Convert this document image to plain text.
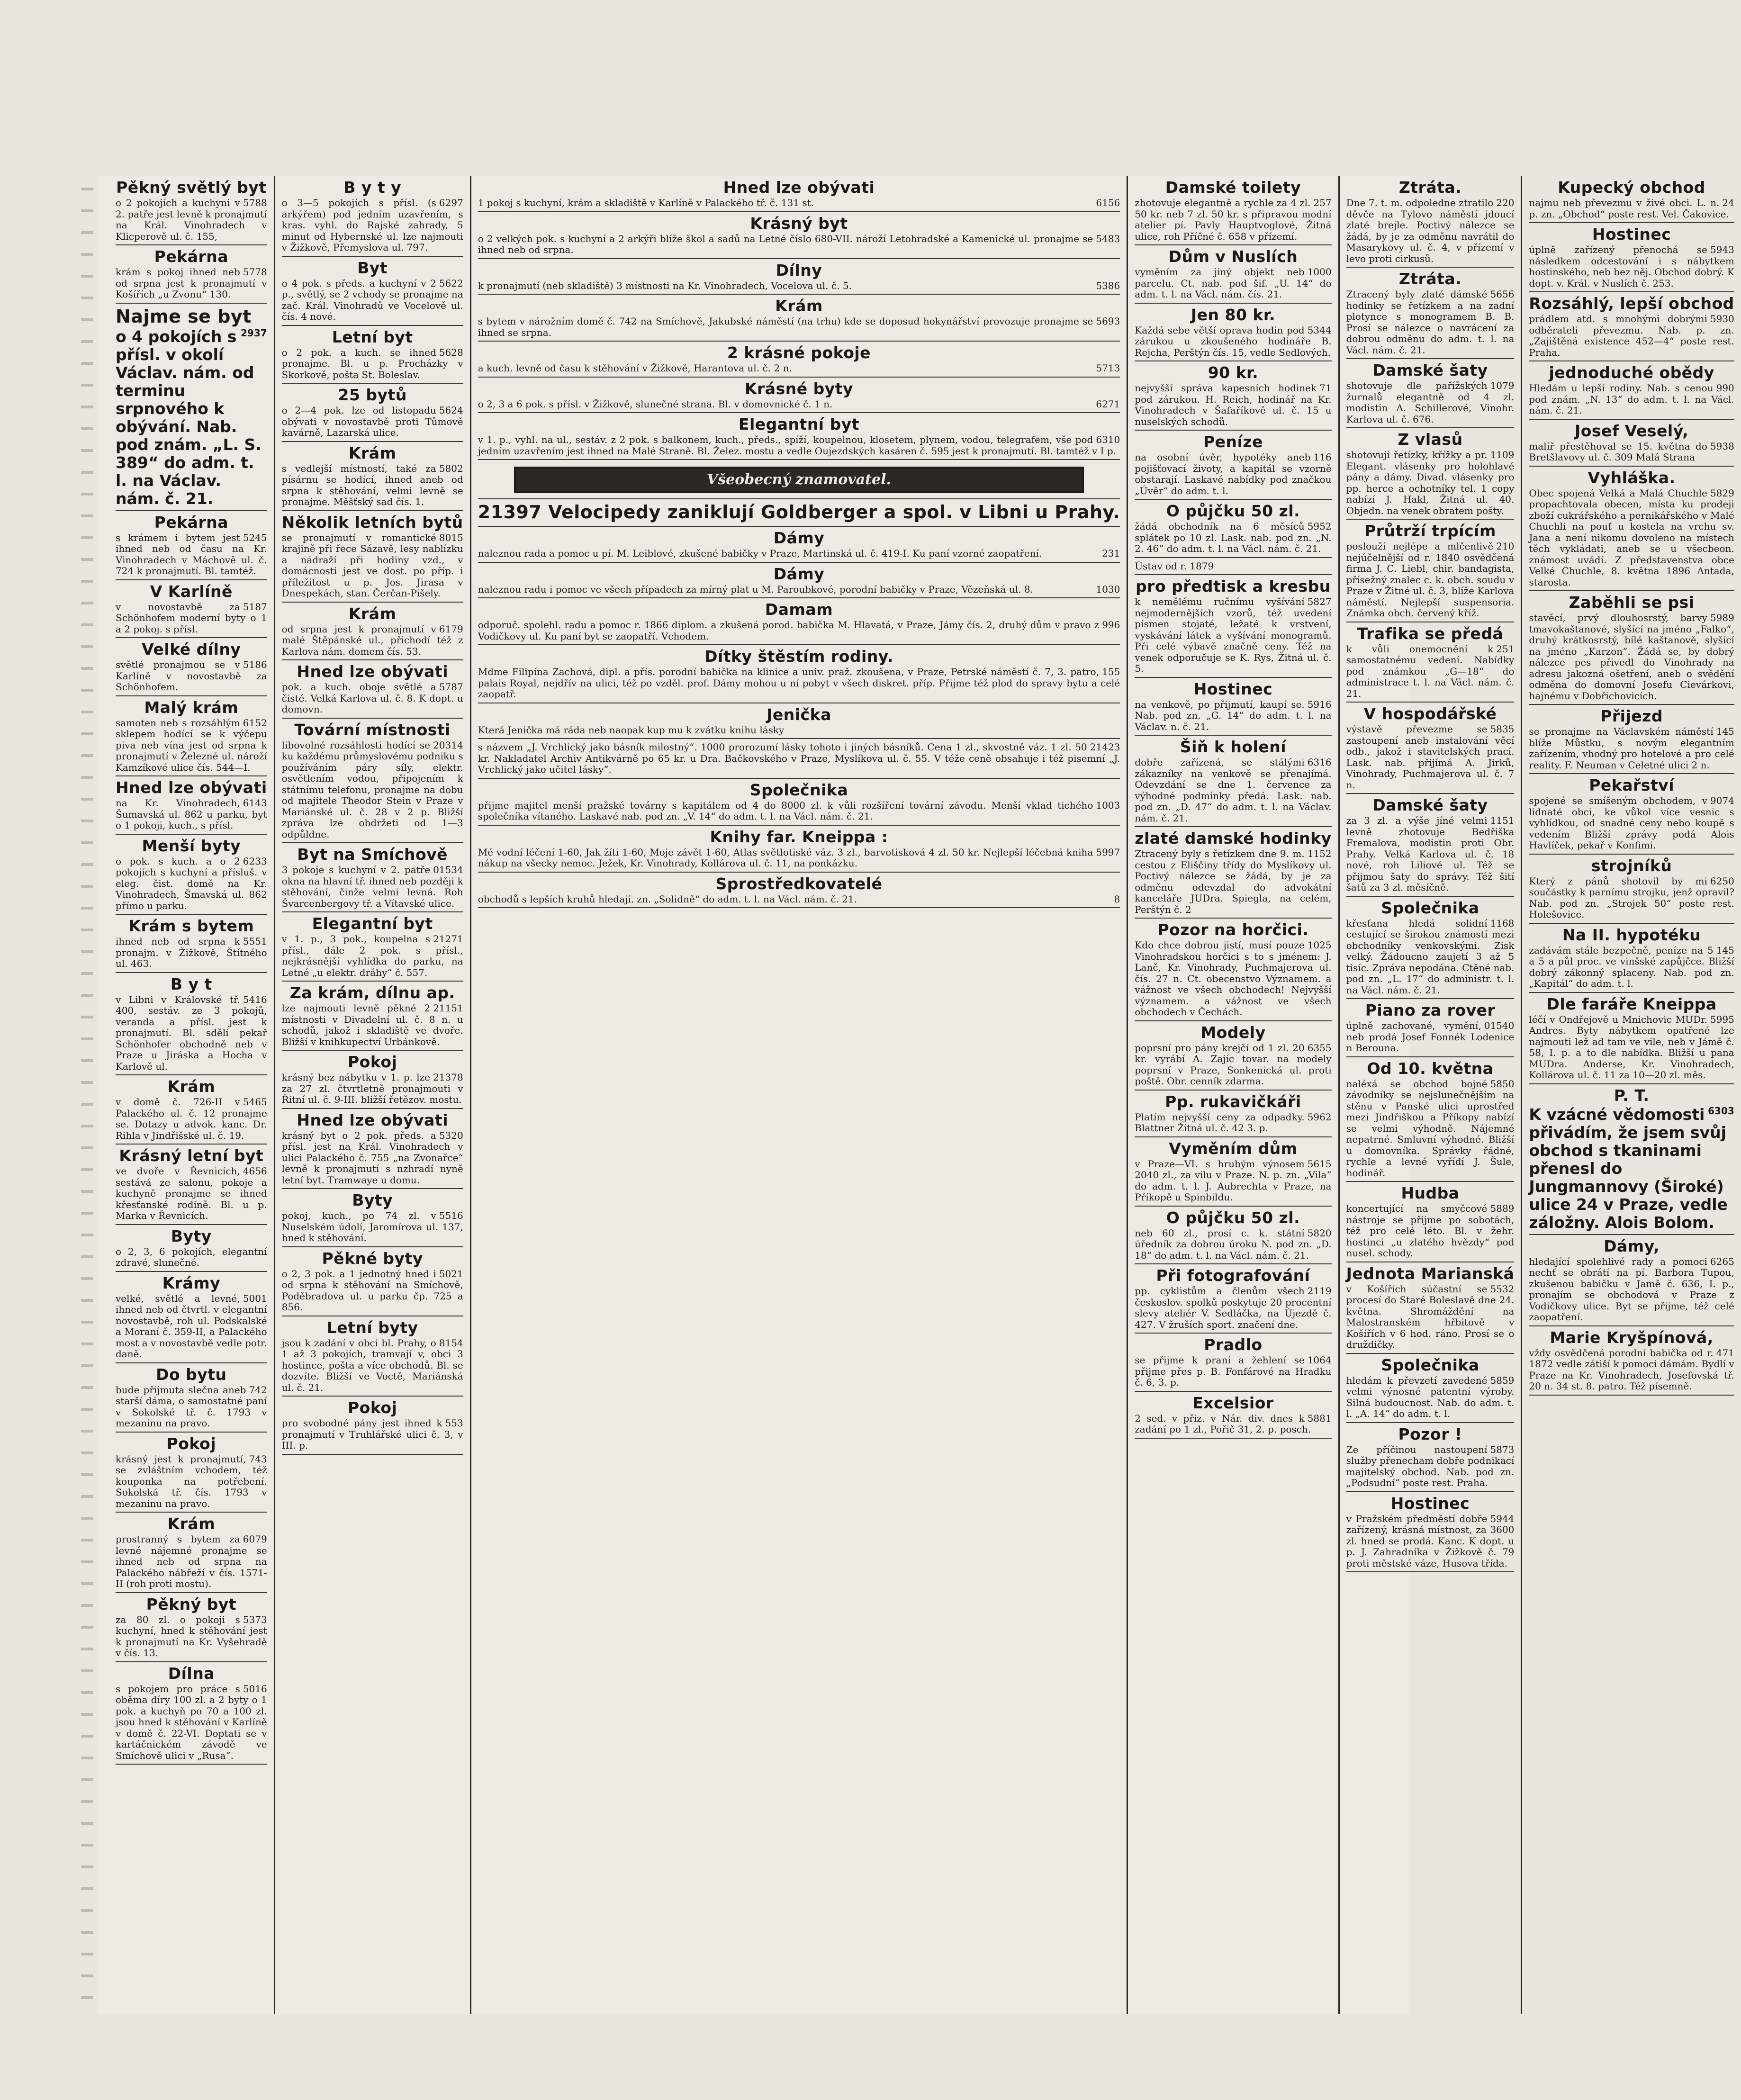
Pěkný světlý byt

5788
o 2 pokojích a kuchyni v 2. patře jest levně k pronajmutí na Král. Vinohradech v Klicperově ul. č. 155,

Pekárna

5778
krám s pokoj ihned neb od srpna jest k pronajmutí v Košířích „u Zvonu“ 130.

Najme se byt

2937
o 4 pokojích s přísl. v okolí Václav. nám. od terminu srpnového k obývání. Nab. pod znám. „L. S. 389“ do adm. t. l. na Václav. nám. č. 21.

Pekárna

5245
s krámem i bytem jest ihned neb od času na Kr. Vinohradech v Máchově ul. č. 724 k pronajmutí. Bl. tamtéž.

V Karlíně

5187
v novostavbě za Schönhofem moderní byty o 1 a 2 pokoj. s přísl.

Velké dílny

5186
světlé pronajmou se v Karlíně v novostavbě za Schönhofem.

Malý krám

6152
samoten neb s rozsáhlým sklepem hodící se k výčepu piva neb vína jest od srpna k pronajmutí v Železné ul. nároží Kamzíkové ulice čís. 544—I.

Hned lze obývati

6143
na Kr. Vinohradech, Šumavská ul. 862 u parku, byt o 1 pokoji, kuch., s přísl.

Menší byty

6233
o pok. s kuch. a o 2 pokojích s kuchyní a přísluš. v eleg. čist. domě na Kr. Vinohradech, Šmavská ul. 862 přímo u parku.

Krám s bytem

5551
ihned neb od srpna k pronajm. v Žižkově, Štítného ul. 463.

B y t

5416
v Libni v Královské tř. 400, sestáv. ze 3 pokojů, veranda a přísl. jest k pronajmutí. Bl. sdělí pekař Schönhofer obchodně neb v Praze u Jiráska a Hocha v Karlově ul.

Krám

5465
v domě č. 726-II v Palackého ul. č. 12 pronajme se. Dotazy u advok. kanc. Dr. Rihla v Jindřišské ul. č. 19.

Krásný letní byt

4656
ve dvoře v Řevnicích, sestává ze salonu, pokoje a kuchyně pronajme se ihned křesťanské rodině. Bl. u p. Marka v Řevnicích.

Byty

o 2, 3, 6 pokojích, elegantní zdravé, slunečné.

Krámy

5001
velké, světlé a levné, ihned neb od čtvrtl. v elegantní novostavbě, roh ul. Podskalské a Moraní č. 359-II, a Palackého most a v novostavbě vedle potr. daně.

Do bytu

742
bude přijmuta slečna aneb starší dáma, o samostatné paní v Sokolské tř. č. 1793 v mezaninu na pravo.

Pokoj

743
krásný jest k pronajmutí, se zvláštním vchodem, též kouponka na potřebení. Sokolská tř. čís. 1793 v mezaninu na pravo.

Krám

6079
prostranný s bytem za levné nájemné pronajme se ihned neb od srpna na Palackého nábřeží v čís. 1571-II (roh proti mostu).

Pěkný byt

5373
za 80 zl. o pokoji s kuchyní, hned k stěhování jest k pronajmutí na Kr. Vyšehradě v čís. 13.

Dílna

5016
s pokojem pro práce s oběma díry 100 zl. a 2 byty o 1 pok. a kuchyň po 70 a 100 zl. jsou hned k stěhování v Karlíně v domě č. 22-VI. Doptati se v kartáčnickém závodě ve Smíchově ulici v „Rusa“.

B y t y

6297
o 3—5 pokojích s přísl. (s arkýřem) pod jedním uzavřením, s kras. vyhl. do Rajské zahrady, 5 minut od Hybernské ul. lze najmouti v Žižkově, Přemyslova ul. 797.

Byt

5622
o 4 pok. s předs. a kuchyní v 2 p., světlý, se 2 vchody se pronajme na zač. Král. Vinohradů ve Vocelově ul. čís. 4 nové.

Letní byt

5628
o 2 pok. a kuch. se ihned pronajme. Bl. u p. Procházky v Skorkově, pošta St. Boleslav.

25 bytů

5624
o 2—4 pok. lze od listopadu obývati v novostavbě proti Tůmově kavárně, Lazarská ulice.

Krám

5802
s vedlejší místností, také za písárnu se hodící, ihned aneb od srpna k stěhování, velmi levně se pronajme. Měšťský sad čís. 1.

Několik letních bytů

8015
se pronajmutí v romantické krajině při řece Sázavě, lesy nablízku a nádraží při hodiny vzd., v domácnosti jest ve dost. po příp. i příležitost u p. Jos. Jirasa v Dnespekách, stan. Čerčan-Pišely.

Krám

6179
od srpna jest k pronajmutí v malé Štěpánské ul., přichodí též z Karlova nám. domem čís. 53.

Hned lze obývati

5787
pok. a kuch. oboje světlé a čisté. Velká Karlova ul. č. 8. K dopt. u domovn.

Tovární místnosti

20314
libovolné rozsáhlosti hodící se ku každému průmyslovému podniku s používáním páry síly, elektr. osvětlením vodou, připojením k státnímu telefonu, pronajme na dobu od majitele Theodor Stein v Praze v Mariánské ul. č. 28 v 2 p. Bližší zpráva lze obdržeti od 1—3 odpůldne.

Byt na Smíchově

01534
3 pokoje s kuchyní v 2. patře okna na hlavní tř. ihned neb později k stěhování, činže velmi levná. Roh Švarcenbergovy tř. a Vítavské ulice.

Elegantní byt

21271
v 1. p., 3 pok., koupelna s přísl., dále 2 pok. s přísl., nejkrásnější vyhlídka do parku, na Letné „u elektr. dráhy“ č. 557.

Za krám, dílnu ap.

21151
lze najmouti levně pěkné 2 místnosti v Divadelní ul. č. 8 n. u schodů, jakož i skladiště ve dvoře. Bližší v knihkupectví Urbánkově.

Pokoj

21378
krásný bez nábytku v 1. p. lze za 27 zl. čtvrtletně pronajmouti v Řitní ul. č. 9-III. bližší řetězov. mostu.

Hned lze obývati

5320
krásný byt o 2 pok. předs. a přísl. jest na Král. Vinohradech v ulici Palackého č. 755 „na Zvonařce“ levně k pronajmutí s nzhradí nyně letní byt. Tramwaye u domu.

Byty

5516
pokoj, kuch., po 74 zl. v Nuselském údolí, Jaromírova ul. 137, hned k stěhování.

Pěkné byty

5021
o 2, 3 pok. a 1 jednotný hned i od srpna k stěhování na Smíchově, Poděbradova ul. u parku čp. 725 a 856.

Letní byty

8154
jsou k zadání v obci bl. Prahy, o 1 až 3 pokojích, tramvají v, obci 3 hostince, pošta a více obchodů. Bl. se dozvíte. Bližší ve Voctě, Mariánská ul. č. 21.

Pokoj

553
pro svobodné pány jest ihned k pronajmutí v Truhlářské ulici č. 3, v III. p.

Hned lze obývati

6156
1 pokoj s kuchyní, krám a skladiště v Karlíně v Palackého tř. č. 131 st.

Krásný byt

5483
o 2 velkých pok. s kuchyní a 2 arkýři blíže škol a sadů na Letné číslo 680-VII. nároží Letohradské a Kamenické ul. pronajme se ihned neb od srpna.

Dílny

5386
k pronajmutí (neb skladiště) 3 místnosti na Kr. Vinohradech, Vocelova ul. č. 5.

Krám

5693
s bytem v nárožním domě č. 742 na Smíchově, Jakubské náměstí (na trhu) kde se doposud hokynářství provozuje pronajme se ihned se srpna.

2 krásné pokoje

5713
a kuch. levně od času k stěhování v Žižkově, Harantova ul. č. 2 n.

Krásné byty

6271
o 2, 3 a 6 pok. s přísl. v Žižkově, slunečné strana. Bl. v domovnické č. 1 n.

Elegantní byt

6310
v 1. p., vyhl. na ul., sestáv. z 2 pok. s balkonem, kuch., předs., spíží, koupelnou, klosetem, plynem, vodou, telegrafem, vše pod jedním uzavřením jest ihned na Malé Straně. Bl. Želez. mostu a vedle Oujezdských kasáren č. 595 jest k pronajmutí. Bl. tamtéž v I p.

Všeobecný znamovatel.
21397 Velocipedy zaniklují Goldberger a spol. v Libni u Prahy.
Dámy

231
naleznou rada a pomoc u pí. M. Leiblové, zkušené babičky v Praze, Martinská ul. č. 419-I. Ku paní vzorné zaopatření.

Dámy

1030
naleznou radu i pomoc ve všech případech za mírný plat u M. Paroubkové, porodní babičky v Praze, Vězeňská ul. 8.

Damam

996
odporuč. spolehl. radu a pomoc r. 1866 diplom. a zkušená porod. babička M. Hlavatá, v Praze, Jámy čís. 2, druhý dům v pravo z Vodičkovy ul. Ku paní byt se zaopatří. Vchodem.

Dítky štěstím rodiny.

155
Mdme Filipína Zachová, dipl. a přís. porodní babička na klinice a univ. praž. zkoušena, v Praze, Petrské náměstí č. 7, 3. patro, palais Royal, nejdřív na ulici, též po vzděl. prof. Dámy mohou u ní pobyt v všech diskret. příp. Přijme též plod do spravy bytu a celé zaopatř.

Jenička

Která Jenička má ráda neb naopak kup mu k zvátku knihu lásky

21423
s názvem „J. Vrchlický jako básník milostný“. 1000 prorozumí lásky tohoto i jiných básníků. Cena 1 zl., skvostně váz. 1 zl. 50 kr. Nakladatel Archiv Antikvárně po 65 kr. u Dra. Bačkovského v Praze, Myslíkova ul. č. 55. V téže ceně obsahuje i též pisemní „J. Vrchlický jako učitel lásky“.

Společnika

1003
přijme majitel menší pražské továrny s kapitálem od 4 do 8000 zl. k vůli rozšíření tovární závodu. Menší vklad tichého společníka vítaného. Laskavé nab. pod zn. „V. 14“ do adm. t. l. na Václ. nám. č. 21.

Knihy far. Kneippa :

5997
Mé vodní léčení 1-60, Jak žíti 1-60, Moje závět 1-60, Atlas světlotiské váz. 3 zl., barvotisková 4 zl. 50 kr. Nejlepší léčebná kniha nákup na všecky nemoc. Ježek, Kr. Vinohrady, Kollárova ul. č. 11, na ponkázku.

Sprostředkovatelé

8
obchodů s lepších kruhů hledají. zn. „Solidně“ do adm. t. l. na Václ. nám. č. 21.

Damské toilety

257
zhotovuje elegantně a rychle za 4 zl. 50 kr. neb 7 zl. 50 kr. s připravou modní atelier pí. Pavly Hauptvoglové, Žitná ulice, roh Příčné č. 658 v přízemí.

Dům v Nuslích

1000
vyměním za jiný objekt neb parcelu. Ct. nab. pod šif. „U. 14“ do adm. t. l. na Václ. nám. čís. 21.

Jen 80 kr.

5344
Každá sebe větší oprava hodin pod zárukou u zkoušeného hodináře B. Rejcha, Perštýn čís. 15, vedle Sedlových.

90 kr.

71
nejvyšší správa kapesních hodinek pod zárukou. H. Reich, hodinář na Kr. Vinohradech v Šafaříkově ul. č. 15 u nuselských schodů.

Peníze

116
na osobní úvěr, hypotéky aneb pojišťovací životy, a kapitál se vzorně obstarají. Laskavé nabídky pod značkou „Úvěr“ do adm. t. l.

O půjčku 50 zl.

5952
žádá obchodník na 6 měsíců splátek po 10 zl. Lask. nab. pod zn. „N. 2. 46“ do adm. t. l. na Václ. nám. č. 21.

Ústav od r. 1879

pro předtisk a kresbu

5827
k nemělému ručnímu vyšívání nejmodernějších vzorů, též uvedení písmen stojaté, ležaté k vrstvení, vyskávání látek a vyšívání monogramů. Při celé výbavě značně ceny. Též na venek odporučuje se K. Rys, Žitná ul. č. 5.

Hostinec

5916
na venkově, po přijmutí, kaupí se. Nab. pod zn. „G. 14“ do adm. t. l. na Václav. n. č. 21.

Šiň k holení

6316
dobře zařízená, se stálými zákazníky na venkově se přenajímá. Odevzdání se dne 1. července za výhodné podmínky předá. Lask. nab. pod zn. „D. 47“ do adm. t. l. na Václav. nám. č. 21.

zlaté damské hodinky

1152
Ztracený byly s řetízkem dne 9. m. cestou z Eliščiny třídy do Myslíkovy ul. Poctivý nálezce se žádá, by je za odměnu odevzdal do advokátní kanceláře JUDra. Spiegla, na celém, Perštýn č. 2

Pozor na horčici.

1025
Kdo chce dobrou jistí, musí pouze Vinohradskou horčici s to s jménem: J. Lanč, Kr. Vinohrady, Puchmajerova ul. čís. 27 n. Ct. obecenstvo Významem. a vážnost ve všech obchodech! Nejvyšší významem. a vážnost ve všech obchodech v Čechách.

Modely

6355
poprsní pro pány krejčí od 1 zl. 20 kr. vyrábí A. Zajíc tovar. na modely poprsní v Praze, Sonkenická ul. proti poště. Obr. cenník zdarma.

Pp. rukavičkáři

5962
Platím nejvyšší ceny za odpadky. Blattner Žitná ul. č. 42 3. p.

Vyměním dům

5615
v Praze—VI. s hrubým výnosem 2040 zl., za vilu v Praze. N. p. zn. „Vila“ do adm. t. l. J. Aubrechta v Praze, na Příkopě u Spinbildu.

O půjčku 50 zl.

5820
neb 60 zl., prosí c. k. státní úředník za dobrou úroku N. pod zn. „D. 18“ do adm. t. l. na Václ. nám. č. 21.

Při fotografování

2119
pp. cyklistům a členům všech českoslov. spolků poskytuje 20 procentní slevy ateliér V. Sedláčka, na Újezdě č. 427. V žruších sport. značení dne.

Pradlo

1064
se přijme k praní a žehlení se přijme přes p. B. Fonfárové na Hradku č. 6, 3. p.

Excelsior

5881
2 sed. v přiz. v Nár. div. dnes k zadání po 1 zl., Pořič 31, 2. p. posch.

Ztráta.

220
Dne 7. t. m. odpoledne ztratilo děvče na Tylovo náměstí jdoucí zlaté brejle. Poctivý nálezce se žádá, by je za odměnu navrátil do Masarykovy ul. č. 4, v přízemí v levo proti cirkusů.

Ztráta.

5656
Ztracený byly zlaté dámské hodinky se řetízkem a na zadní plotynce s monogramem B. B. Prosí se nálezce o navrácení za dobrou odměnu do adm. t. l. na Václ. nám. č. 21.

Damské šaty

1079
shotovuje dle pařížských žurnalů elegantně od 4 zl. modistin A. Schillerové, Vinohr. Karlova ul. č. 676.

Z vlasů

1109
shotovují řetízky, křížky a pr. Elegant. vlásenky pro holohlavé pány a dámy. Divad. vlásenky pro pp. herce a ochotníky tel. 1 copy nabízí J. Hakl, Žitná ul. 40. Objedn. na venek obratem pošty.

Průtrží trpícím

210
poslouží nejlépe a mlčenlivě nejúčelnější od r. 1840 osvědčená firma J. C. Liebl, chir. bandagista, přísežný znalec c. k. obch. soudu v Praze v Žitné ul. č. 3, blíže Karlova náměstí. Nejlepší suspensoria. Známka obch. červený kříž.

Trafika se předá

251
k vůli onemocnění k samostatnému vedení. Nabídky pod známkou „G—18“ do administrace t. l. na Václ. nám. č. 21.

V hospodářské

5835
výstavě převezme se zastoupení aneb instalování věcí odb., jakož i stavitelských prací. Lask. nab. přijímá A. Jirků, Vinohrady, Puchmajerova ul. č. 7 n.

Damské šaty

1151
za 3 zl. a výše jíné velmi levně zhotovuje Bedřiška Fremalova, modistin proti Obr. Prahy. Velká Karlova ul. č. 18 nové, roh Liliové ul. Též se přijmou šaty do správy. Též šití šatů za 3 zl. měsíčně.

Společnika

1168
křesťana hledá solidní cestující se širokou známostí mezi obchodníky venkovskými. Zisk velký. Žádoucno zaujetí 3 až 5 tisíc. Zpráva nepodána. Ctěné nab. pod zn. „L. 17“ do administr. t. l. na Václ. nám. č. 21.

Piano za rover

01540
úplně zachované, vymění, neb prodá Josef Fonnék Lodenice n Berouna.

Od 10. května

5850
naléxá se obchod bojné závodníky se nejslunečnějším na stěnu v Panské ulici uprostřed mezi Jindřiškou a Příkopy nabízí se velmi výhodně. Nájemné nepatrné. Smluvní výhodné. Bližší u domovníka. Správky řádné, rychle a levné vyřídí J. Šule, hodinář.

Hudba

5889
koncertující na smyčcové nástroje se přijme po sobotách, též pro celé léto. Bl. v žehr. hostinci „u zlatého hvězdy“ pod nusel. schody.

Jednota Marianská

5532
v Košířích súčastní se procesí do Staré Boleslavě dne 24. května. Shromáždění na Malostranském hřbitově v Košířích v 6 hod. ráno. Prosí se o druždičky.

Společnika

5859
hledám k převzetí zavedené velmi výnosné patentní výroby. Silná budoucnost. Nab. do adm. t. l. „A. 14“ do adm. t. l.

Pozor !

5873
Ze příčinou nastoupení služby přenecham dobře podnikací majitelský obchod. Nab. pod zn. „Podsudní“ poste rest. Praha.

Hostinec

5944
v Pražském předměstí dobře zařízený, krásná místnost, za 3600 zl. hned se prodá. Kanc. K dopt. u p. J. Zahradníka v Žižkově č. 79 proti městské váze, Husova třída.

Kupecký obchod

24
najmu neb převezmu v živé obci. L. n. p. zn. „Obchod“ poste rest. Vel. Čakovice.

Hostinec

5943
úplně zařízený přenochá se následkem odcestování i s nábytkem hostinského, neb bez něj. Obchod dobrý. K dopt. v. Král. v Nuslích č. 253.

Rozsáhlý, lepší obchod

5930
prádlem atd. s mnohými dobrými odběrateli převezmu. Nab. p. zn. „Zajištěná existence 452—4“ poste rest. Praha.

jednoduché obědy

990
Hledám u lepší rodiny. Nab. s cenou pod znám. „N. 13“ do adm. t. l. na Václ. nám. č. 21.

Josef Veselý,

5938
malíř přestěhoval se 15. května do Bretšlavovy ul. č. 309 Malá Strana

Vyhláška.

5829
Obec spojená Velká a Malá Chuchle propachtovala obecen, místa ku prodeji zboží cukrářského a pernikářského v Malé Chuchli na pouť u kostela na vrchu sv. Jana a není nikomu dovoleno na místech těch vykládati, aneb se u všecbeon. známost uvádí. Z představenstva obce Velké Chuchle, 8. května 1896 Antada, starosta.

Zaběhli se psi

5989
stavěcí, prvý dlouhosrstý, barvy tmavokaštanové, slyšící na jméno „Falko“, druhý krátkosrstý, bílé kaštanově, slyšící na jméno „Karzon“. Žádá se, by dobrý nálezce pes přivedl do Vinohrady na adresu jakozná ošetření, aneb o svědění odměna do domovní Josefu Cievárkovi, hajnému v Dobřichovicích.

Přijezd

145
se pronajme na Václavském náměstí blíže Můstku, s novým elegantním zařízením, vhodný pro hotelové a pro celé reality. F. Neuman v Celetné ulici 2 n.

Pekařství

9074
spojené se smíšeným obchodem, v lidnaté obci, ke vůkol více vesnic s vyhlídkou, od snadné ceny nebo koupě s vedením Bližší zprávy podá Alois Havlíček, pekař v Konfimi.

strojníků

6250
Který z pánů shotovil by mi součástky k parnímu strojku, jenž opravil? Nab. pod zn. „Strojek 50“ poste rest. Holešovice.

Na II. hypotéku

145
zadávám stále bezpečně, peníze na 5 a 5 a půl proc. ve vinšské zapůjčce. Bližší dobrý zákonný splaceny. Nab. pod zn. „Kapitál“ do adm. t. l.

Dle faráře Kneippa

5995
léčí v Ondřejově u Mnichovic MUDr. Andres. Byty nábytkem opatřené lze najmouti lež ad tam ve vile, neb v Jámě č. 58, I. p. a to dle nabídka. Bližší u pana MUDra. Anderse, Kr. Vinohradech, Kollárova ul. č. 11 za 10—20 zl. měs.

P. T.

6303
K vzácné vědomosti přivádím, že jsem svůj obchod s tkaninami přenesl do Jungmannovy (Široké) ulice 24 v Praze, vedle záložny. Alois Bolom.

Dámy,

6265
hledající spolehlivé rady a pomoci nechť se obrátí na pí. Barbora Tupou, zkušenou babičku v Jamě č. 636, I. p., pronajím se obchodová v Praze z Vodičkovy ulice. Byt se přijme, též celé zaopatření.

Marie Kryšpínová,

471
vždy osvědčená porodní babička od r. 1872 vedle zátiší k pomoci dámám. Bydlí v Praze na Kr. Vinohradech, Josefovská tř. 20 n. 34 st. 8. patro. Též písemně.
